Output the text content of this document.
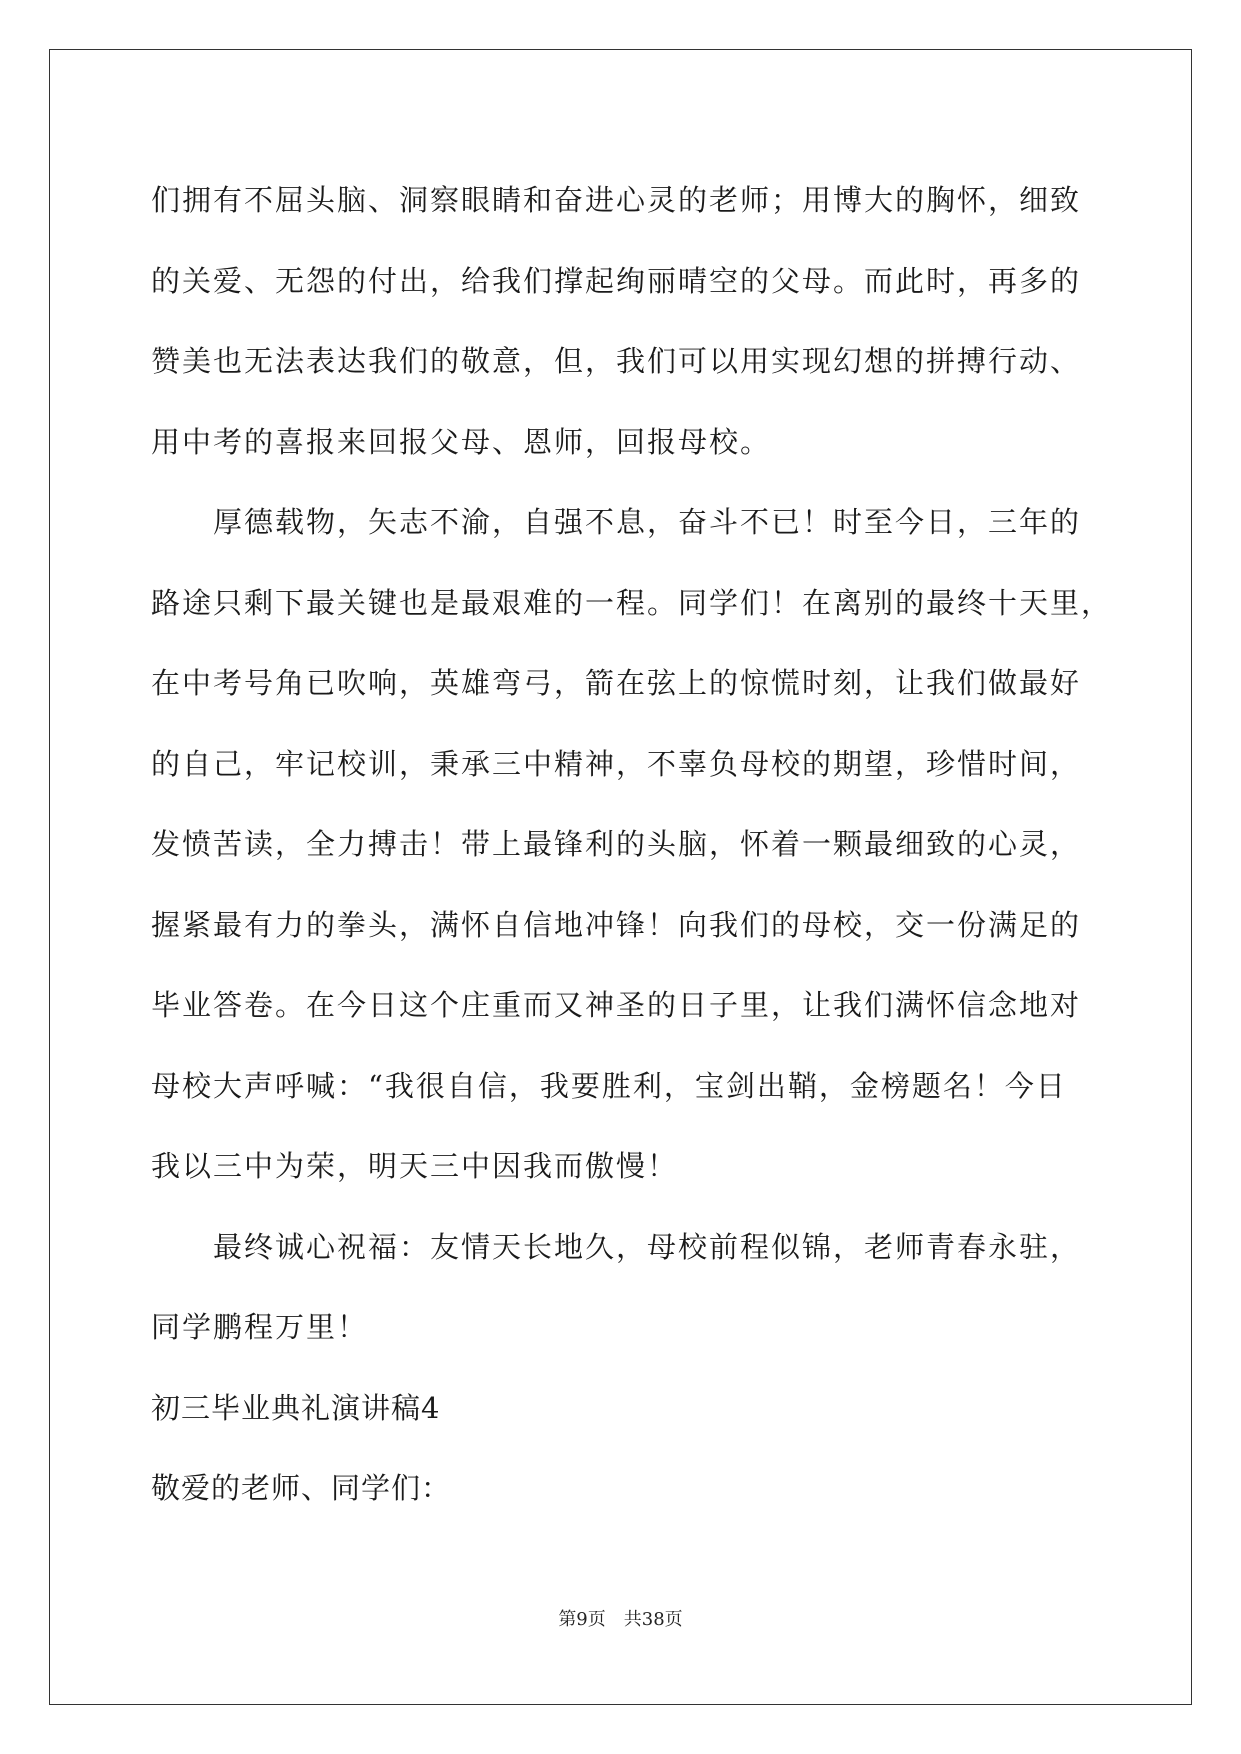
们拥有不屈头脑、洞察眼睛和奋进心灵的老师；用博大的胸怀，细致
的关爱、无怨的付出，给我们撑起绚丽晴空的父母。而此时，再多的
赞美也无法表达我们的敬意，但，我们可以用实现幻想的拼搏行动、
用中考的喜报来回报父母、恩师，回报母校。
厚德载物，矢志不渝，自强不息，奋斗不已！时至今日，三年的
路途只剩下最关键也是最艰难的一程。同学们！在离别的最终十天里，
在中考号角已吹响，英雄弯弓，箭在弦上的惊慌时刻，让我们做最好
的自己，牢记校训，秉承三中精神，不辜负母校的期望，珍惜时间，
发愤苦读，全力搏击！带上最锋利的头脑，怀着一颗最细致的心灵，
握紧最有力的拳头，满怀自信地冲锋！向我们的母校，交一份满足的
毕业答卷。在今日这个庄重而又神圣的日子里，让我们满怀信念地对
母校大声呼喊：“我很自信，我要胜利，宝剑出鞘，金榜题名！今日
我以三中为荣，明天三中因我而傲慢！
最终诚心祝福：友情天长地久，母校前程似锦，老师青春永驻，
同学鹏程万里！
初三毕业典礼演讲稿4
敬爱的老师、同学们：
第9页 共38页
